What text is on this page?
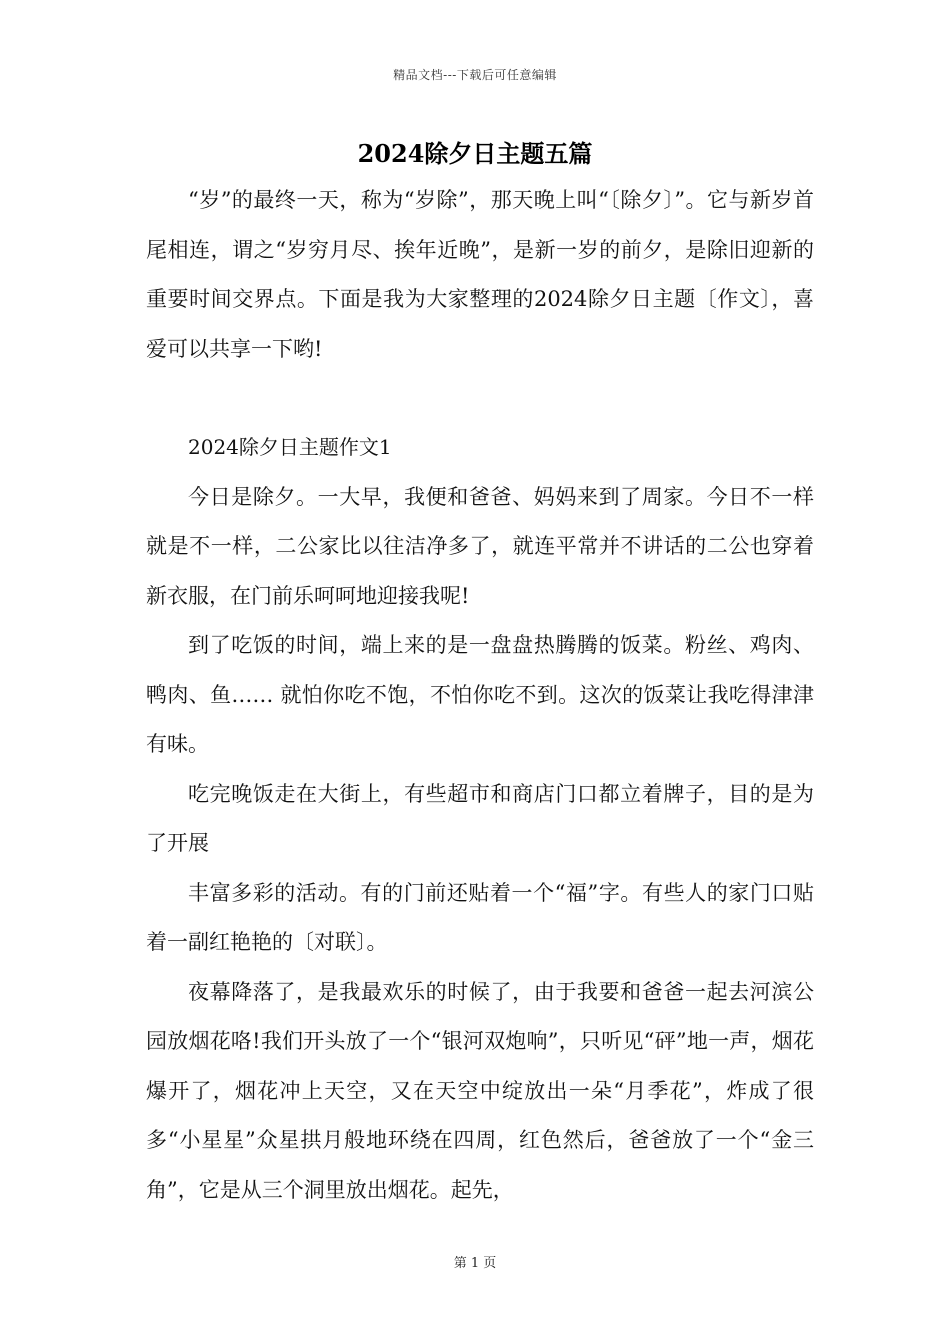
精品文档---下载后可任意编辑
2024除夕日主题五篇

“岁”的最终一天，称为“岁除”，那天晚上叫“〔除夕〕”。它与新岁首尾相连，谓之“岁穷月尽、挨年近晚”，是新一岁的前夕，是除旧迎新的重要时间交界点。下面是我为大家整理的2024除夕日主题〔作文〕，喜爱可以共享一下哟!

2024除夕日主题作文1

今日是除夕。一大早，我便和爸爸、妈妈来到了周家。今日不一样就是不一样，二公家比以往洁净多了，就连平常并不讲话的二公也穿着新衣服，在门前乐呵呵地迎接我呢!

到了吃饭的时间，端上来的是一盘盘热腾腾的饭菜。粉丝、鸡肉、鸭肉、鱼…… 就怕你吃不饱，不怕你吃不到。这次的饭菜让我吃得津津有味。

吃完晚饭走在大街上，有些超市和商店门口都立着牌子，目的是为了开展

丰富多彩的活动。有的门前还贴着一个“福”字。有些人的家门口贴着一副红艳艳的〔对联〕。

夜幕降落了，是我最欢乐的时候了，由于我要和爸爸一起去河滨公园放烟花咯!我们开头放了一个“银河双炮响”，只听见“砰”地一声，烟花爆开了，烟花冲上天空，又在天空中绽放出一朵“月季花”，炸成了很多“小星星”众星拱月般地环绕在四周，红色然后，爸爸放了一个“金三角”，它是从三个洞里放出烟花。起先，

第 1 页
